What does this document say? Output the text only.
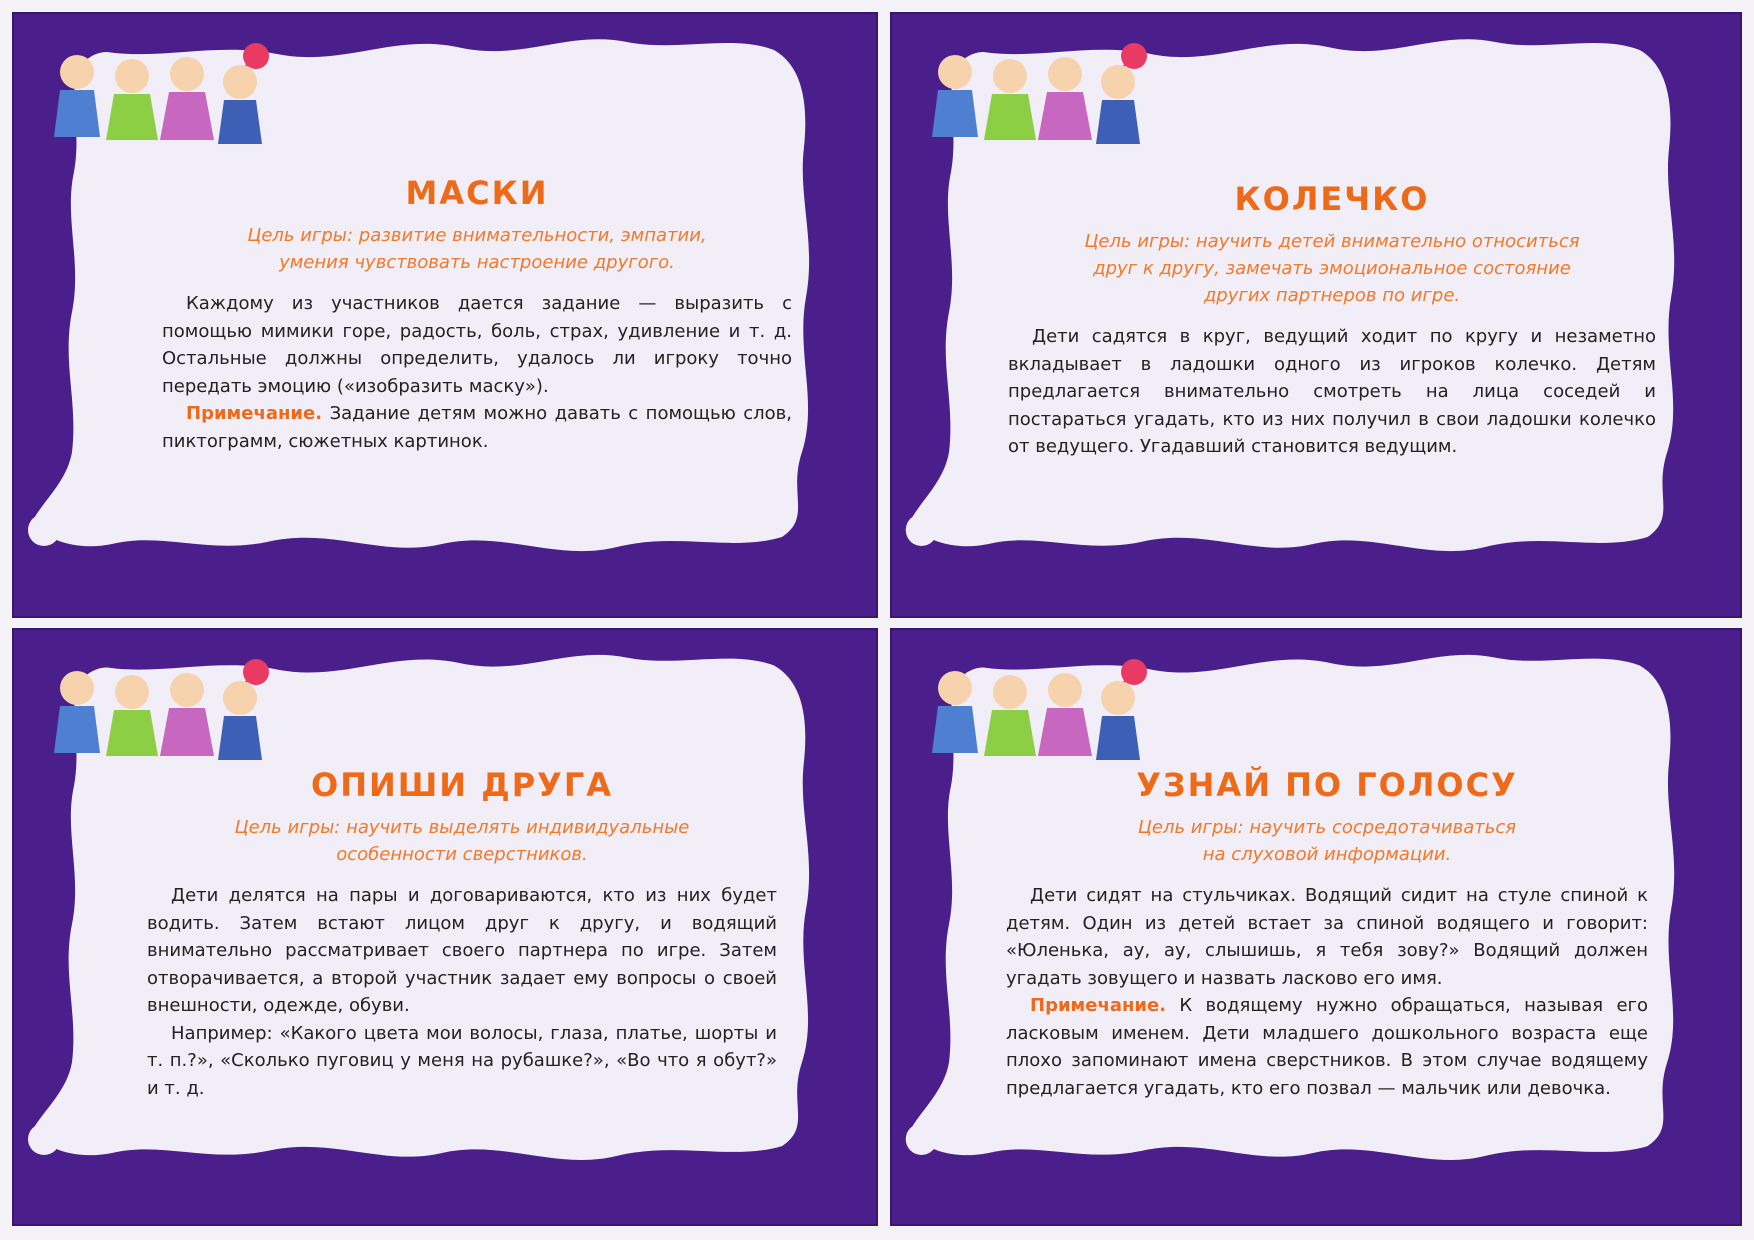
МАСКИ
Цель игры: развитие внимательности, эмпатии,
умения чувствовать настроение другого.

Каждому из участников дается задание — выразить с помощью мимики горе, радость, боль, страх, удивление и т. д. Остальные должны определить, удалось ли игроку точно передать эмоцию («изобразить маску»).

Примечание. Задание детям можно давать с помощью слов, пиктограмм, сюжетных картинок.

КОЛЕЧКО
Цель игры: научить детей внимательно относиться
друг к другу, замечать эмоциональное состояние
других партнеров по игре.

Дети садятся в круг, ведущий ходит по кругу и незаметно вкладывает в ладошки одного из игроков колечко. Детям предлагается внимательно смотреть на лица соседей и постараться угадать, кто из них получил в свои ладошки колечко от ведущего. Угадавший становится ведущим.

ОПИШИ ДРУГА
Цель игры: научить выделять индивидуальные
особенности сверстников.

Дети делятся на пары и договариваются, кто из них будет водить. Затем встают лицом друг к другу, и водящий внимательно рассматривает своего партнера по игре. Затем отворачивается, а второй участник задает ему вопросы о своей внешности, одежде, обуви.

Например: «Какого цвета мои волосы, глаза, платье, шорты и т. п.?», «Сколько пуговиц у меня на рубашке?», «Во что я обут?» и т. д.

УЗНАЙ ПО ГОЛОСУ
Цель игры: научить сосредотачиваться
на слуховой информации.

Дети сидят на стульчиках. Водящий сидит на стуле спиной к детям. Один из детей встает за спиной водящего и говорит: «Юленька, ау, ау, слышишь, я тебя зову?» Водящий должен угадать зовущего и назвать ласково его имя.

Примечание. К водящему нужно обращаться, называя его ласковым именем. Дети младшего дошкольного возраста еще плохо запоминают имена сверстников. В этом случае водящему предлагается угадать, кто его позвал — мальчик или девочка.
